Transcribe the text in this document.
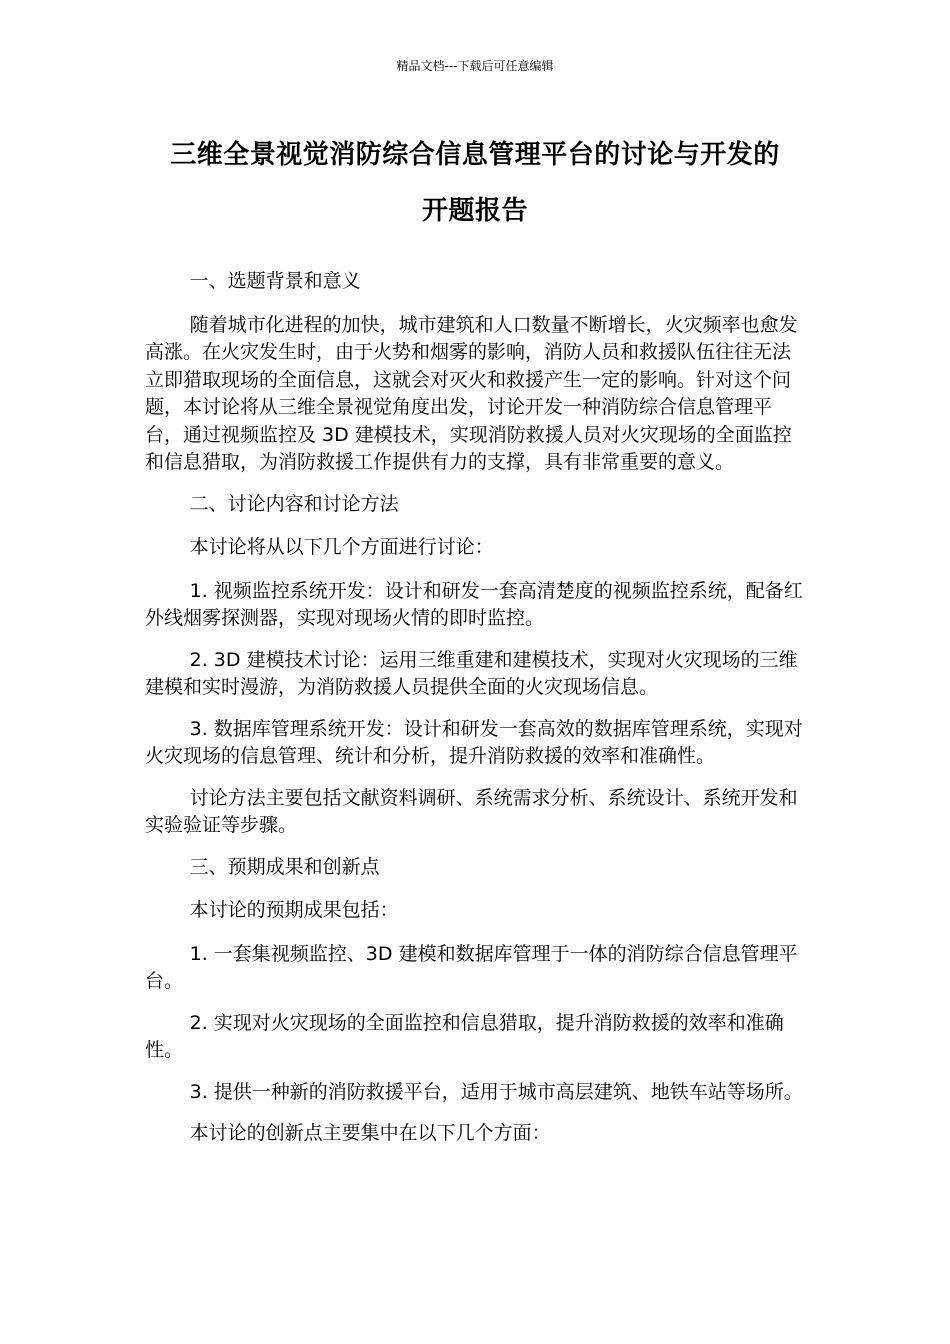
精品文档---下载后可任意编辑
三维全景视觉消防综合信息管理平台的讨论与开发的
开题报告

一、选题背景和意义

随着城市化进程的加快，城市建筑和人口数量不断增长，火灾频率也愈发高涨。在火灾发生时，由于火势和烟雾的影响，消防人员和救援队伍往往无法立即猎取现场的全面信息，这就会对灭火和救援产生一定的影响。针对这个问题，本讨论将从三维全景视觉角度出发，讨论开发一种消防综合信息管理平台，通过视频监控及 3D 建模技术，实现消防救援人员对火灾现场的全面监控和信息猎取，为消防救援工作提供有力的支撑，具有非常重要的意义。

二、讨论内容和讨论方法

本讨论将从以下几个方面进行讨论：

1. 视频监控系统开发：设计和研发一套高清楚度的视频监控系统，配备红外线烟雾探测器，实现对现场火情的即时监控。

2. 3D 建模技术讨论：运用三维重建和建模技术，实现对火灾现场的三维建模和实时漫游，为消防救援人员提供全面的火灾现场信息。

3. 数据库管理系统开发：设计和研发一套高效的数据库管理系统，实现对火灾现场的信息管理、统计和分析，提升消防救援的效率和准确性。

讨论方法主要包括文献资料调研、系统需求分析、系统设计、系统开发和实验验证等步骤。

三、预期成果和创新点

本讨论的预期成果包括：

1. 一套集视频监控、3D 建模和数据库管理于一体的消防综合信息管理平台。

2. 实现对火灾现场的全面监控和信息猎取，提升消防救援的效率和准确性。

3. 提供一种新的消防救援平台，适用于城市高层建筑、地铁车站等场所。

本讨论的创新点主要集中在以下几个方面：
